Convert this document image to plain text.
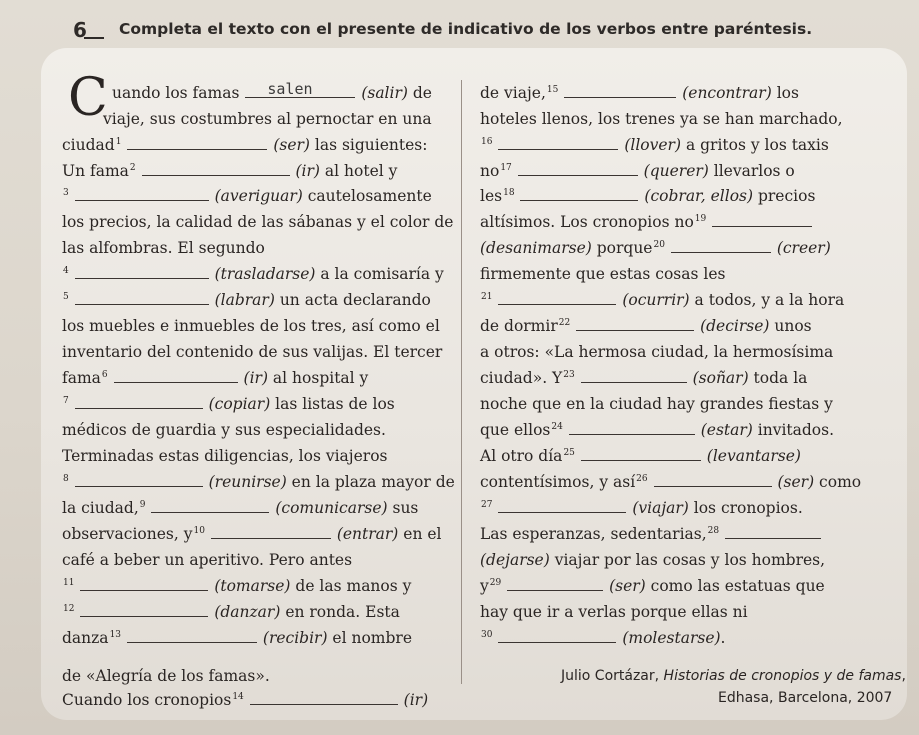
6 Completa el texto con el presente de indicativo de los verbos entre paréntesis.
C uando los famas salen	(salir) de
viaje, sus costumbres al pernoctar en una
ciudad$^1$	(ser) las siguientes:
Un fama$^2$	(ir) al hotel y
$^3$	(averiguar) cautelosamente
los precios, la calidad de las sábanas y el color de
las alfombras. El segundo
$^4$	(trasladarse) a la comisaría y
$^5$	(labrar) un acta declarando
los muebles e inmuebles de los tres, así como el
inventario del contenido de sus valijas. El tercer
fama$^6$	(ir) al hospital y
$^7$	(copiar) las listas de los
médicos de guardia y sus especialidades.
Terminadas estas diligencias, los viajeros
$^8$	(reunirse) en la plaza mayor de
la ciudad,$^9$	(comunicarse) sus
observaciones, $y^{10}$	(entrar) en el
café a beber un aperitivo. Pero antes
$^{11}$	(tomarse) de las manos y
$^{12}$	(danzar) en ronda. Esta
danza$^{13}$	(recibir) el nombre
de «Alegría de los famas».
Cuando los cronopios$^{14}$	(ir)
de viaje,$^{15}$	(encontrar) los
hoteles llenos, los trenes ya se han marchado,
$^{16}$	(llover) a gritos y los taxis
$no^{17}$	(querer) llevarlos o
les$^{18}$	(cobrar, ellos) precios
altísimos. Los cronopios $no^{19}$
(desanimarse) porque$^{20}$	(creer)
firmemente que estas cosas les
$^{21}$	(ocurrir) a todos, y a la hora
de dormir$^{22}$	(decirse) unos
a otros: «La hermosa ciudad, la hermosísima
ciudad». $Y^{23}$	(soñar) toda la
noche que en la ciudad hay grandes fiestas y
que ellos$^{24}$	(estar) invitados.
Al otro día$^{25}$	(levantarse)
contentísimos, y así$^{26}$	(ser) como
$^{27}$	(viajar) los cronopios.
Las esperanzas, sedentarias,$^{28}$
(dejarse) viajar por las cosas y los hombres,
$y^{29}$	(ser) como las estatuas que
hay que ir a verlas porque ellas ni
$^{30}$	(molestarse).
Julio Cortázar, Historias de cronopios y de famas,
Edhasa, Barcelona, 2007
